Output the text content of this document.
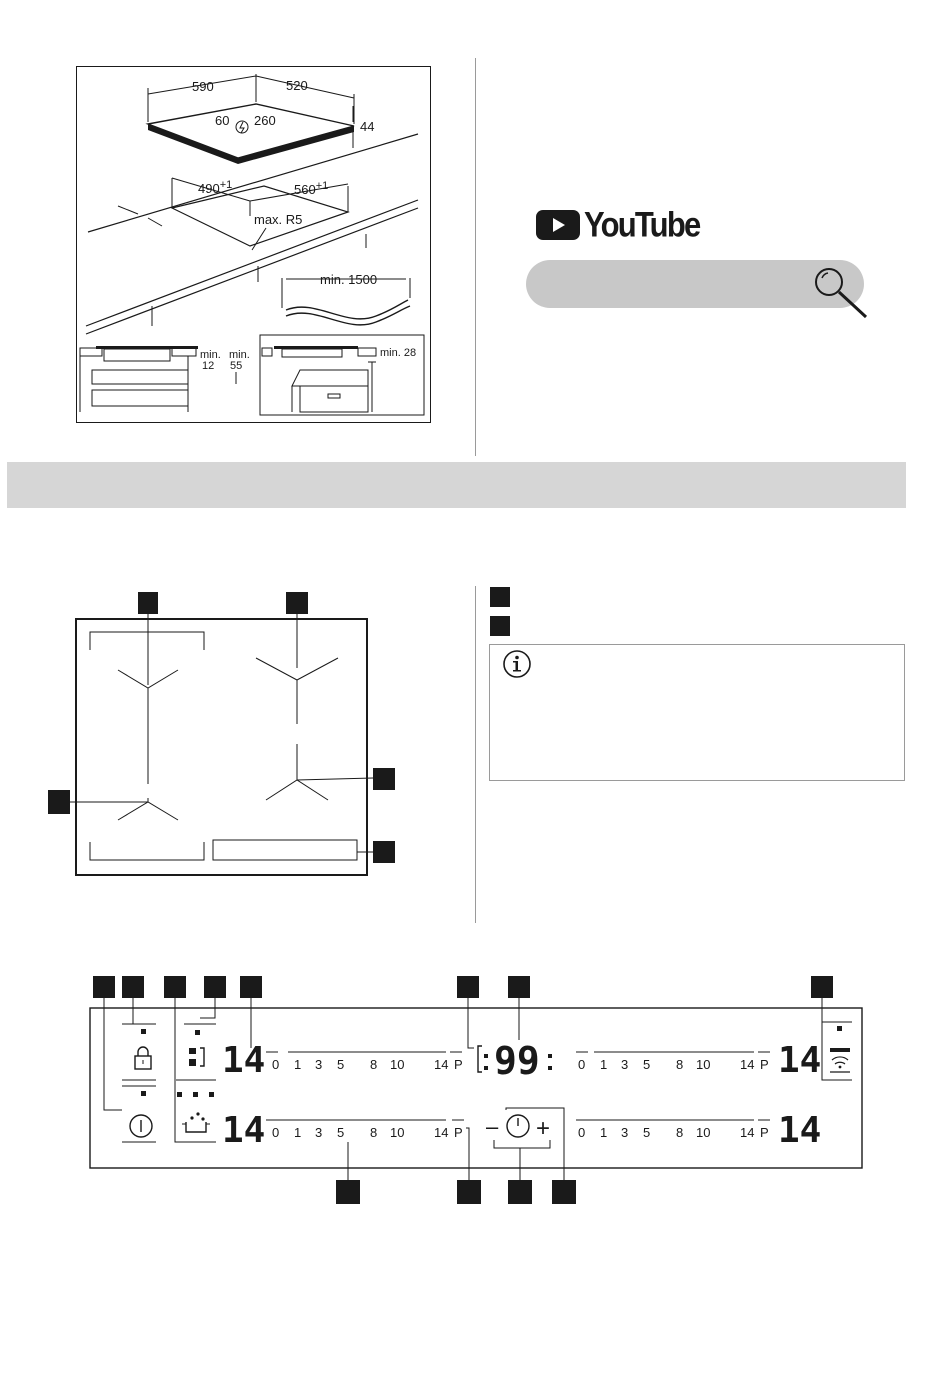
590	520
44
60 260
$490^{+1}$	$560^{+1}$
max. R5
min. 1500
min.
12
min.
55
min. 28
YouTube
14
14
0 1 3 5 8 10 14 P
0 1 3 5 8 10 14 P
99
– +
0 1 3 5 8 10 14 P
0 1 3 5 8 10 14 P
14
14
